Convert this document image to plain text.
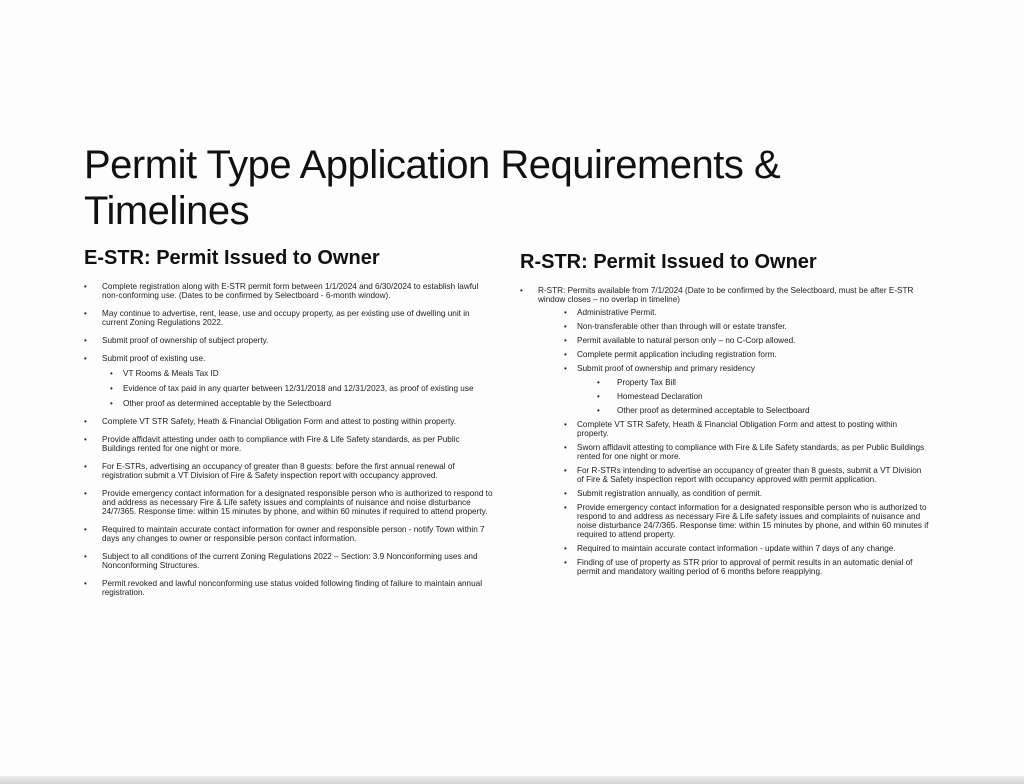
Permit Type Application Requirements & Timelines
E-STR: Permit Issued to Owner
• Complete registration along with E-STR permit form between 1/1/2024 and 6/30/2024 to establish lawful non-conforming use. (Dates to be confirmed by Selectboard - 6-month window).
• May continue to advertise, rent, lease, use and occupy property, as per existing use of dwelling unit in current Zoning Regulations 2022.
• Submit proof of ownership of subject property.
• Submit proof of existing use.
• VT Rooms & Meals Tax ID
• Evidence of tax paid in any quarter between 12/31/2018 and 12/31/2023, as proof of existing use
• Other proof as determined acceptable by the Selectboard
• Complete VT STR Safety, Heath & Financial Obligation Form and attest to posting within property.
• Provide affidavit attesting under oath to compliance with Fire & Life Safety standards, as per Public Buildings rented for one night or more.
• For E-STRs, advertising an occupancy of greater than 8 guests: before the first annual renewal of registration submit a VT Division of Fire & Safety inspection report with occupancy approved.
• Provide emergency contact information for a designated responsible person who is authorized to respond to and address as necessary Fire & Life safety issues and complaints of nuisance and noise disturbance 24/7/365. Response time: within 15 minutes by phone, and within 60 minutes if required to attend property.
• Required to maintain accurate contact information for owner and responsible person - notify Town within 7 days any changes to owner or responsible person contact information.
• Subject to all conditions of the current Zoning Regulations 2022 – Section: 3.9 Nonconforming uses and Nonconforming Structures.
• Permit revoked and lawful nonconforming use status voided following finding of failure to maintain annual registration.
R-STR: Permit Issued to Owner
• R-STR: Permits available from 7/1/2024 (Date to be confirmed by the Selectboard, must be after E-STR window closes – no overlap in timeline)
• Administrative Permit.
• Non-transferable other than through will or estate transfer.
• Permit available to natural person only – no C-Corp allowed.
• Complete permit application including registration form.
• Submit proof of ownership and primary residency
• Property Tax Bill
• Homestead Declaration
• Other proof as determined acceptable to Selectboard
• Complete VT STR Safety, Heath & Financial Obligation Form and attest to posting within property.
• Sworn affidavit attesting to compliance with Fire & Life Safety standards, as per Public Buildings rented for one night or more.
• For R-STRs intending to advertise an occupancy of greater than 8 guests, submit a VT Division of Fire & Safety inspection report with occupancy approved with permit application.
• Submit registration annually, as condition of permit.
• Provide emergency contact information for a designated responsible person who is authorized to respond to and address as necessary Fire & Life safety issues and complaints of nuisance and noise disturbance 24/7/365. Response time: within 15 minutes by phone, and within 60 minutes if required to attend property.
• Required to maintain accurate contact information - update within 7 days of any change.
• Finding of use of property as STR prior to approval of permit results in an automatic denial of permit and mandatory waiting period of 6 months before reapplying.
